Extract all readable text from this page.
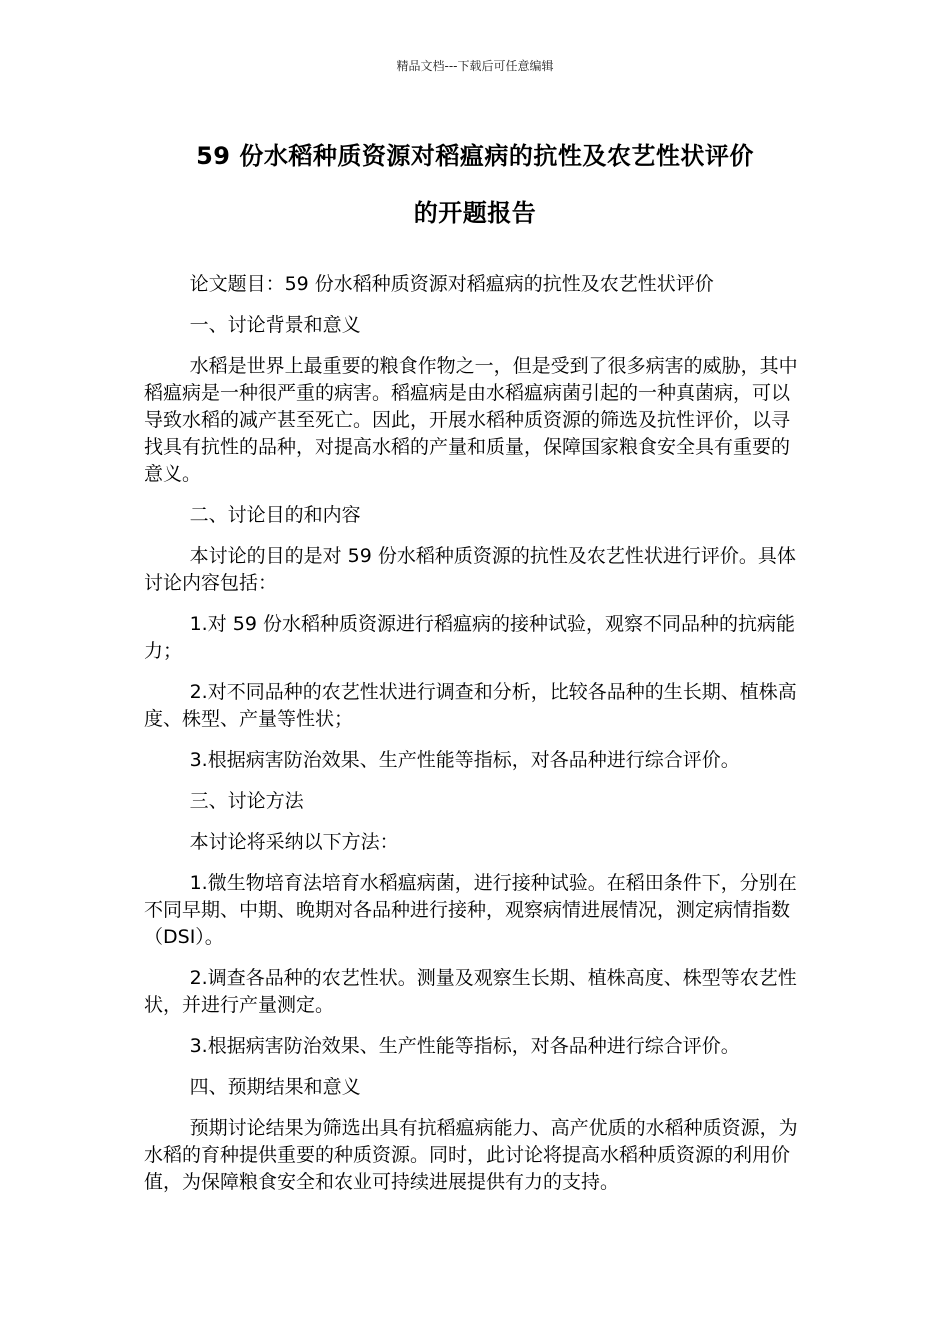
精品文档---下载后可任意编辑
59 份水稻种质资源对稻瘟病的抗性及农艺性状评价
的开题报告

论文题目：59 份水稻种质资源对稻瘟病的抗性及农艺性状评价

一、讨论背景和意义

水稻是世界上最重要的粮食作物之一，但是受到了很多病害的威胁，其中稻瘟病是一种很严重的病害。稻瘟病是由水稻瘟病菌引起的一种真菌病，可以导致水稻的减产甚至死亡。因此，开展水稻种质资源的筛选及抗性评价，以寻找具有抗性的品种，对提高水稻的产量和质量，保障国家粮食安全具有重要的意义。

二、讨论目的和内容

本讨论的目的是对 59 份水稻种质资源的抗性及农艺性状进行评价。具体讨论内容包括：

1.对 59 份水稻种质资源进行稻瘟病的接种试验，观察不同品种的抗病能力；

2.对不同品种的农艺性状进行调查和分析，比较各品种的生长期、植株高度、株型、产量等性状；

3.根据病害防治效果、生产性能等指标，对各品种进行综合评价。

三、讨论方法

本讨论将采纳以下方法：

1.微生物培育法培育水稻瘟病菌，进行接种试验。在稻田条件下，分别在不同早期、中期、晚期对各品种进行接种，观察病情进展情况，测定病情指数（DSI）。

2.调查各品种的农艺性状。测量及观察生长期、植株高度、株型等农艺性状，并进行产量测定。

3.根据病害防治效果、生产性能等指标，对各品种进行综合评价。

四、预期结果和意义

预期讨论结果为筛选出具有抗稻瘟病能力、高产优质的水稻种质资源，为水稻的育种提供重要的种质资源。同时，此讨论将提高水稻种质资源的利用价值，为保障粮食安全和农业可持续进展提供有力的支持。
